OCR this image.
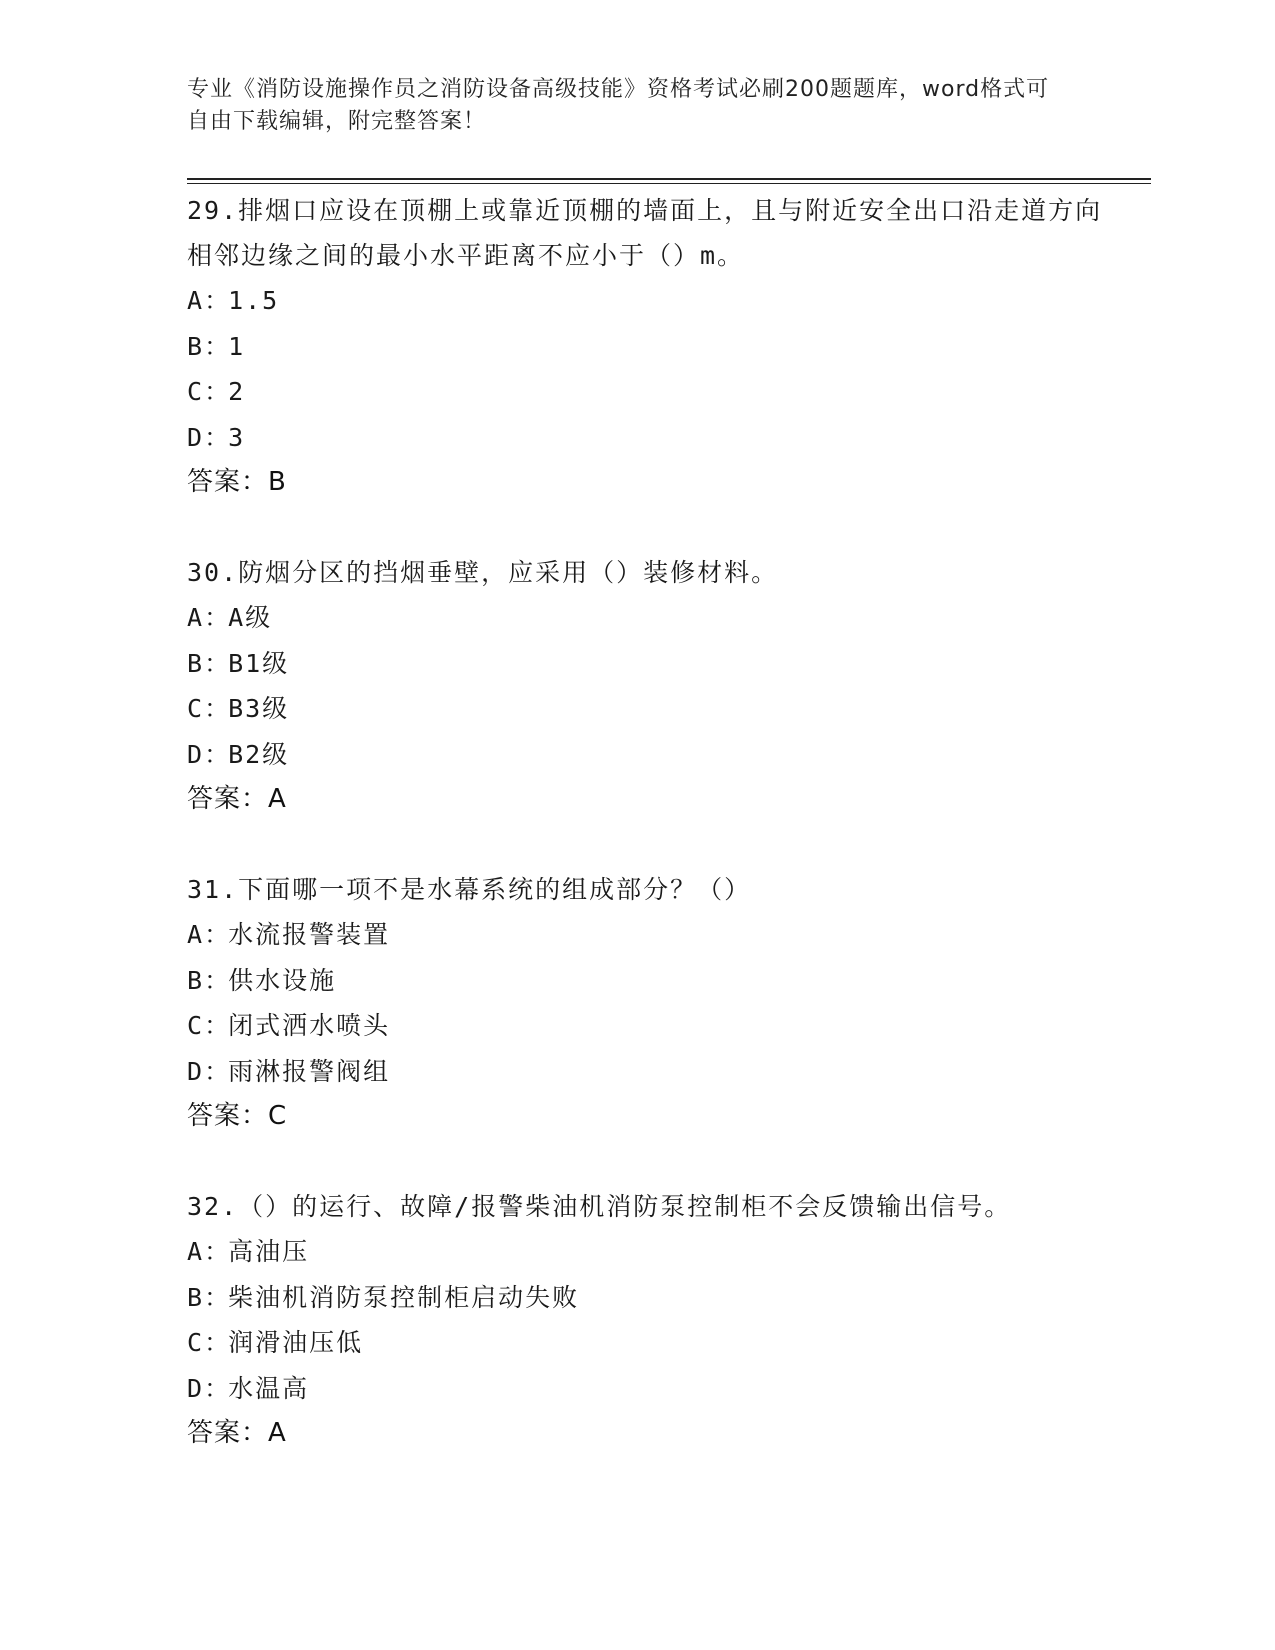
专业《消防设施操作员之消防设备高级技能》资格考试必刷200题题库，word格式可自由下载编辑，附完整答案！

29.排烟口应设在顶棚上或靠近顶棚的墙面上，且与附近安全出口沿走道方向相邻边缘之间的最小水平距离不应小于（）m。

A ：
1.5
B ：
1
C ：
2
D ：
3
答案：B

30.防烟分区的挡烟垂壁，应采用（）装修材料。

A ：
A级
B ：
B1级
C ：
B3级
D ：
B2级
答案：A

31.下面哪一项不是水幕系统的组成部分？（）

A ：
水流报警装置
B ：
供水设施
C ：
闭式洒水喷头
D ：
雨淋报警阀组
答案：C

32.（）的运行、故障/报警柴油机消防泵控制柜不会反馈输出信号。

A ：
高油压
B ：
柴油机消防泵控制柜启动失败
C ：
润滑油压低
D ：
水温高
答案：A
